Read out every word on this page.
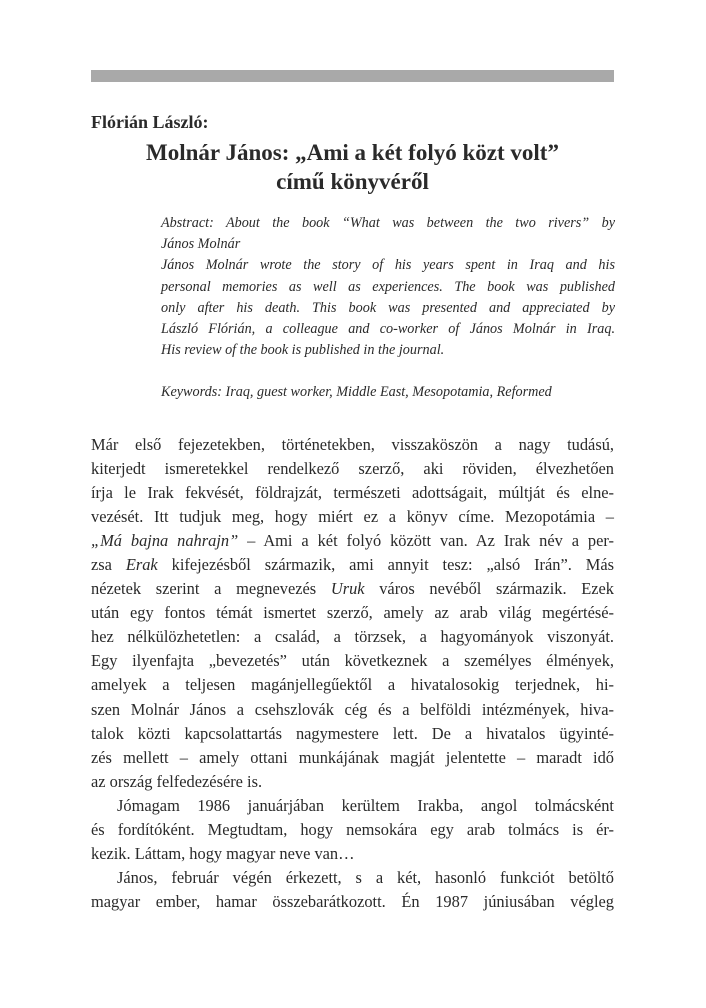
Flórián László:
Molnár János: „Ami a két folyó közt volt”
című könyvéről
Abstract: About the book “What was between the two rivers” by
János Molnár
János Molnár wrote the story of his years spent in Iraq and his
personal memories as well as experiences. The book was published
only after his death. This book was presented and appreciated by
László Flórián, a colleague and co-worker of János Molnár in Iraq.
His review of the book is published in the journal.
Keywords: Iraq, guest worker, Middle East, Mesopotamia, Reformed
Már első fejezetekben, történetekben, visszaköszön a nagy tudású,
kiterjedt ismeretekkel rendelkező szerző, aki röviden, élvezhetően
írja le Irak fekvését, földrajzát, természeti adottságait, múltját és elne-
vezését. Itt tudjuk meg, hogy miért ez a könyv címe. Mezopotámia –
„Má bajna nahrajn” – Ami a két folyó között van. Az Irak név a per-
zsa Erak kifejezésből származik, ami annyit tesz: „alsó Irán”. Más
nézetek szerint a megnevezés Uruk város nevéből származik. Ezek
után egy fontos témát ismertet szerző, amely az arab világ megértésé-
hez nélkülözhetetlen: a család, a törzsek, a hagyományok viszonyát.
Egy ilyenfajta „bevezetés” után következnek a személyes élmények,
amelyek a teljesen magánjellegűektől a hivatalosokig terjednek, hi-
szen Molnár János a csehszlovák cég és a belföldi intézmények, hiva-
talok közti kapcsolattartás nagymestere lett. De a hivatalos ügyinté-
zés mellett – amely ottani munkájának magját jelentette – maradt idő
az ország felfedezésére is.
Jómagam 1986 januárjában kerültem Irakba, angol tolmácsként
és fordítóként. Megtudtam, hogy nemsokára egy arab tolmács is ér-
kezik. Láttam, hogy magyar neve van…
János, február végén érkezett, s a két, hasonló funkciót betöltő
magyar ember, hamar összebarátkozott. Én 1987 júniusában végleg
